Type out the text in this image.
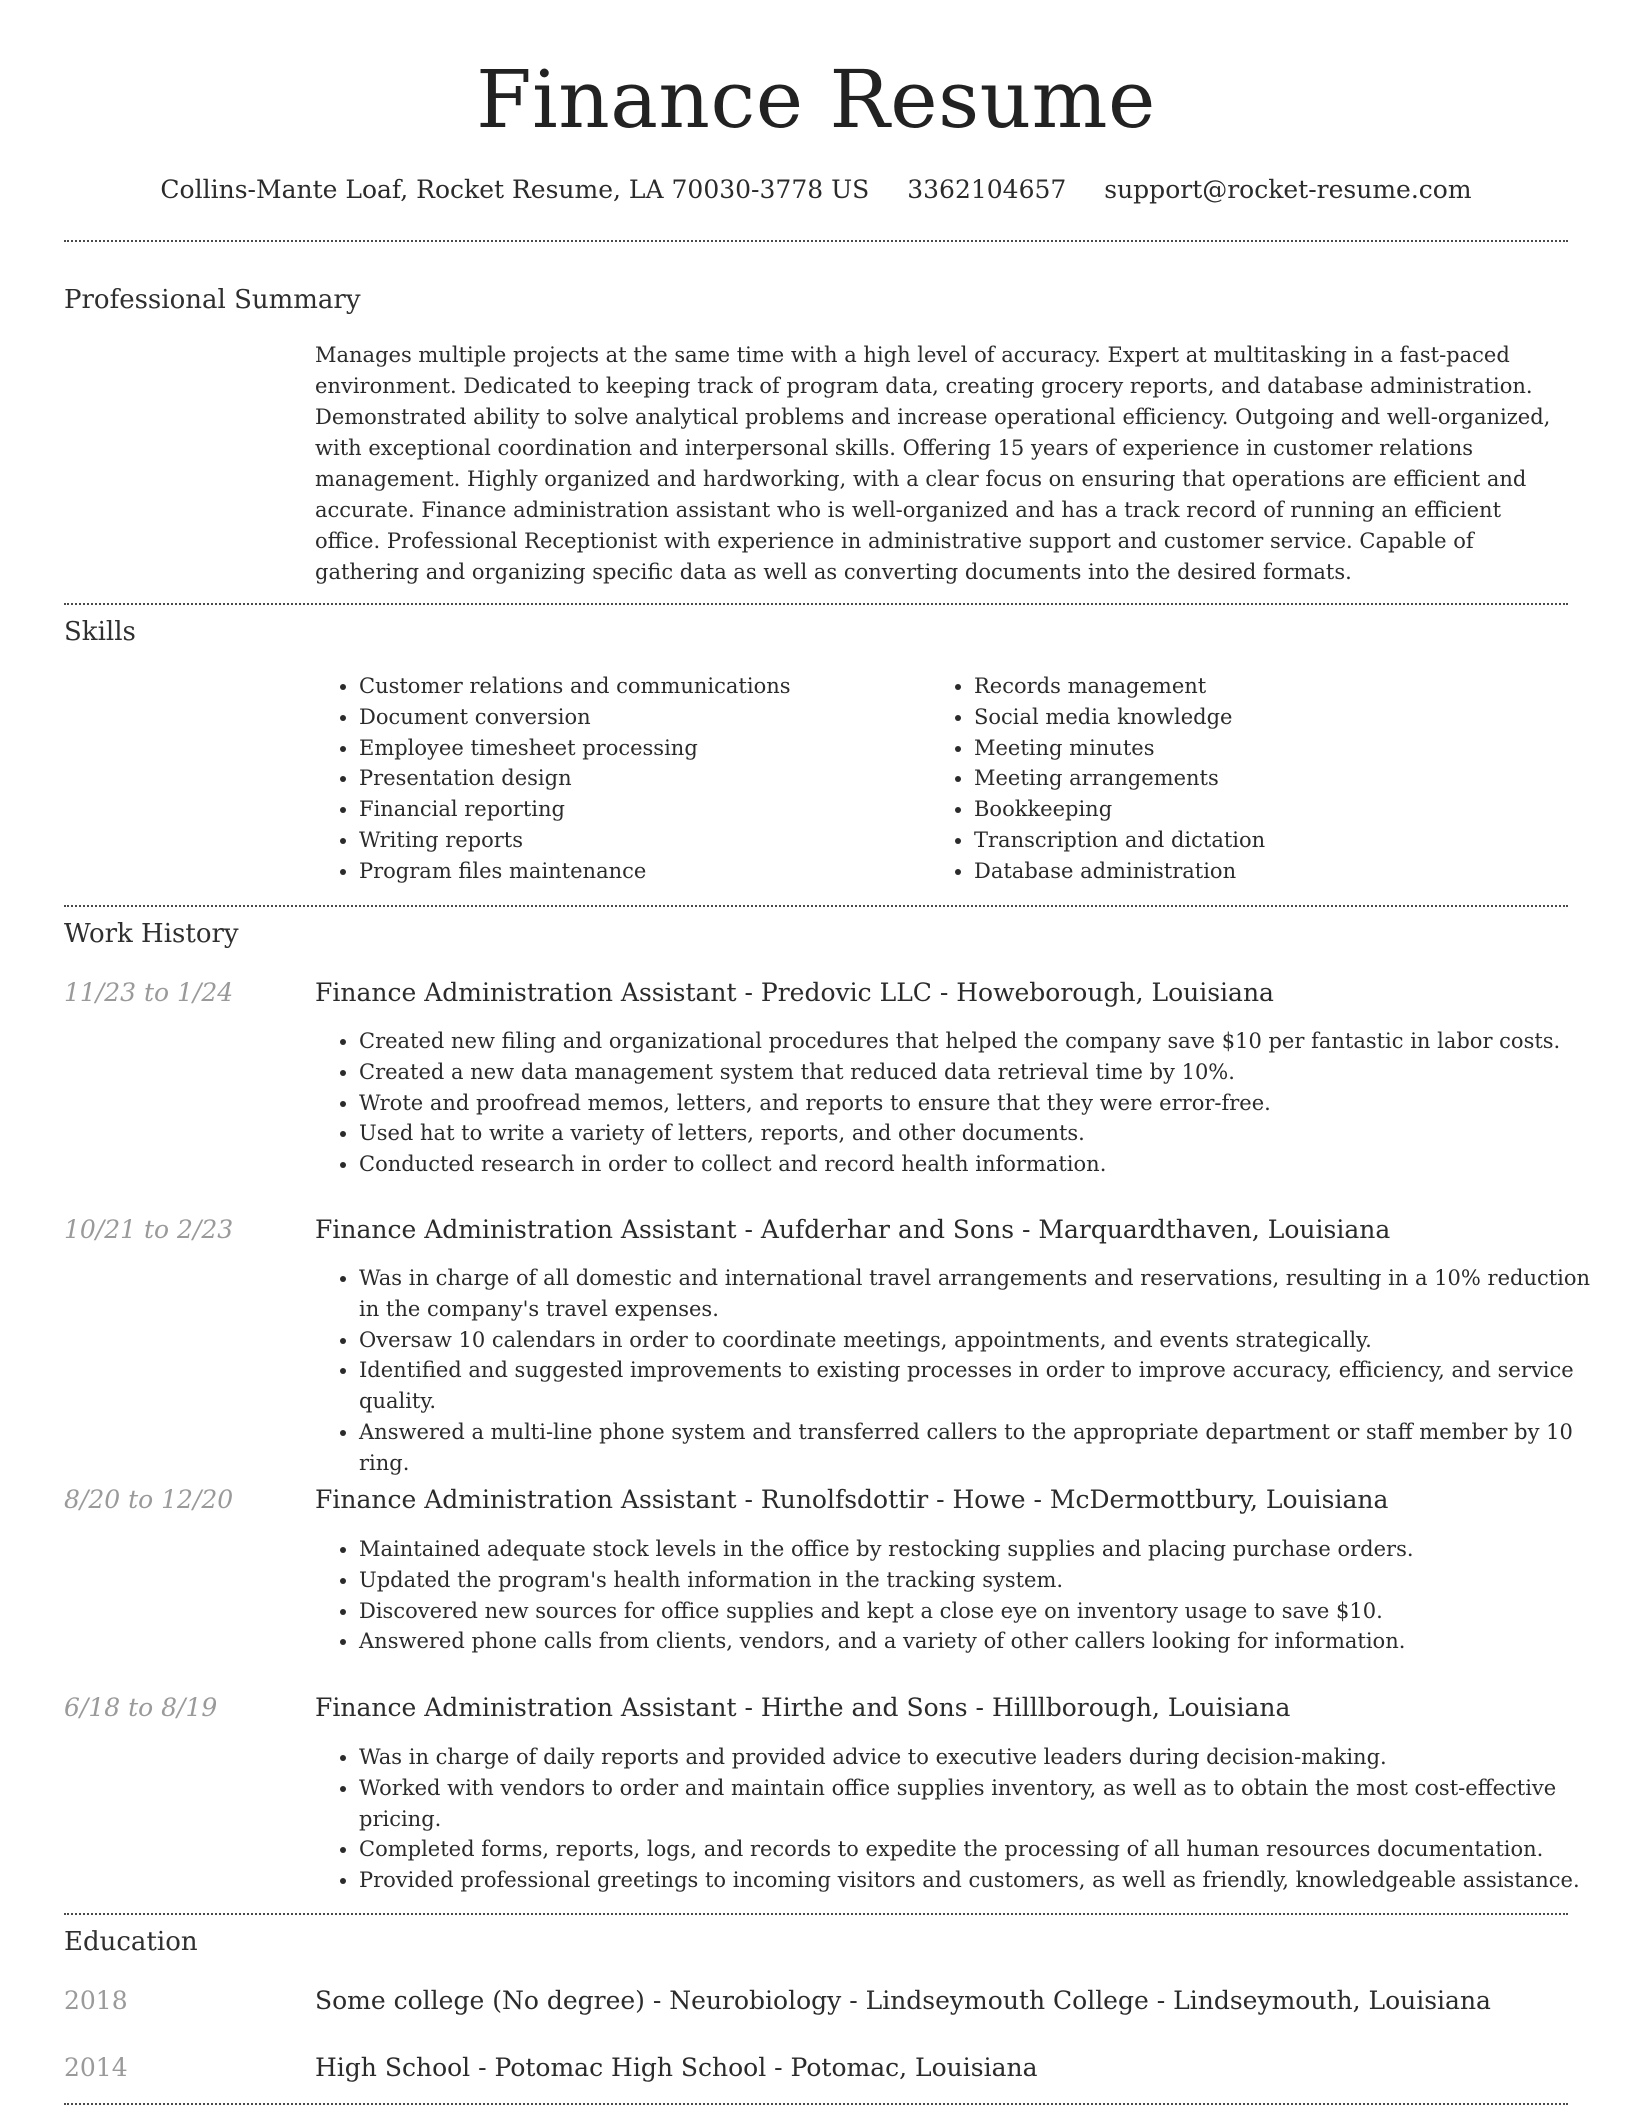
Finance Resume
Collins-Mante Loaf, Rocket Resume, LA 70030-3778 US 3362104657 support@rocket-resume.com
Professional Summary
Manages multiple projects at the same time with a high level of accuracy. Expert at multitasking in a fast-paced environment. Dedicated to keeping track of program data, creating grocery reports, and database administration. Demonstrated ability to solve analytical problems and increase operational efficiency. Outgoing and well-organized, with exceptional coordination and interpersonal skills. Offering 15 years of experience in customer relations management. Highly organized and hardworking, with a clear focus on ensuring that operations are efficient and accurate. Finance administration assistant who is well-organized and has a track record of running an efficient office. Professional Receptionist with experience in administrative support and customer service. Capable of gathering and organizing specific data as well as converting documents into the desired formats.
Skills
• Customer relations and communications
• Document conversion
• Employee timesheet processing
• Presentation design
• Financial reporting
• Writing reports
• Program files maintenance
• Records management
• Social media knowledge
• Meeting minutes
• Meeting arrangements
• Bookkeeping
• Transcription and dictation
• Database administration
Work History
11/23 to 1/24	Finance Administration Assistant - Predovic LLC - Howeborough, Louisiana
• Created new filing and organizational procedures that helped the company save $10 per fantastic in labor costs.
• Created a new data management system that reduced data retrieval time by 10%.
• Wrote and proofread memos, letters, and reports to ensure that they were error-free.
• Used hat to write a variety of letters, reports, and other documents.
• Conducted research in order to collect and record health information.
10/21 to 2/23	Finance Administration Assistant - Aufderhar and Sons - Marquardthaven, Louisiana
• Was in charge of all domestic and international travel arrangements and reservations, resulting in a 10% reduction in the company's travel expenses.
• Oversaw 10 calendars in order to coordinate meetings, appointments, and events strategically.
• Identified and suggested improvements to existing processes in order to improve accuracy, efficiency, and service quality.
• Answered a multi-line phone system and transferred callers to the appropriate department or staff member by 10 ring.
8/20 to 12/20	Finance Administration Assistant - Runolfsdottir - Howe - McDermottbury, Louisiana
• Maintained adequate stock levels in the office by restocking supplies and placing purchase orders.
• Updated the program's health information in the tracking system.
• Discovered new sources for office supplies and kept a close eye on inventory usage to save $10.
• Answered phone calls from clients, vendors, and a variety of other callers looking for information.
6/18 to 8/19	Finance Administration Assistant - Hirthe and Sons - Hilllborough, Louisiana
• Was in charge of daily reports and provided advice to executive leaders during decision-making.
• Worked with vendors to order and maintain office supplies inventory, as well as to obtain the most cost-effective pricing.
• Completed forms, reports, logs, and records to expedite the processing of all human resources documentation.
• Provided professional greetings to incoming visitors and customers, as well as friendly, knowledgeable assistance.
Education
2018	Some college (No degree) - Neurobiology - Lindseymouth College - Lindseymouth, Louisiana
2014	High School - Potomac High School - Potomac, Louisiana
